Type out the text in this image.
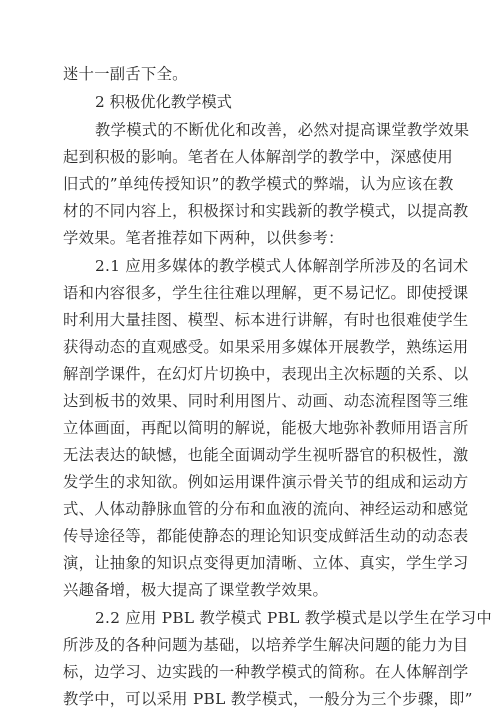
迷十一副舌下全。
2 积极优化教学模式
教学模式的不断优化和改善，必然对提高课堂教学效果
起到积极的影响。笔者在人体解剖学的教学中，深感使用
旧式的”单纯传授知识”的教学模式的弊端，认为应该在教
材的不同内容上，积极探讨和实践新的教学模式，以提高教
学效果。笔者推荐如下两种，以供参考：
2.1 应用多媒体的教学模式人体解剖学所涉及的名词术
语和内容很多，学生往往难以理解，更不易记忆。即使授课
时利用大量挂图、模型、标本进行讲解，有时也很难使学生
获得动态的直观感受。如果采用多媒体开展教学，熟练运用
解剖学课件，在幻灯片切换中，表现出主次标题的关系、以
达到板书的效果、同时利用图片、动画、动态流程图等三维
立体画面，再配以简明的解说，能极大地弥补教师用语言所
无法表达的缺憾，也能全面调动学生视听器官的积极性，激
发学生的求知欲。例如运用课件演示骨关节的组成和运动方
式、人体动静脉血管的分布和血液的流向、神经运动和感觉
传导途径等，都能使静态的理论知识变成鲜活生动的动态表
演，让抽象的知识点变得更加清晰、立体、真实，学生学习
兴趣备增，极大提高了课堂教学效果。
2.2 应用 PBL 教学模式 PBL 教学模式是以学生在学习中
所涉及的各种问题为基础，以培养学生解决问题的能力为目
标，边学习、边实践的一种教学模式的简称。在人体解剖学
教学中，可以采用 PBL 教学模式，一般分为三个步骤，即”
